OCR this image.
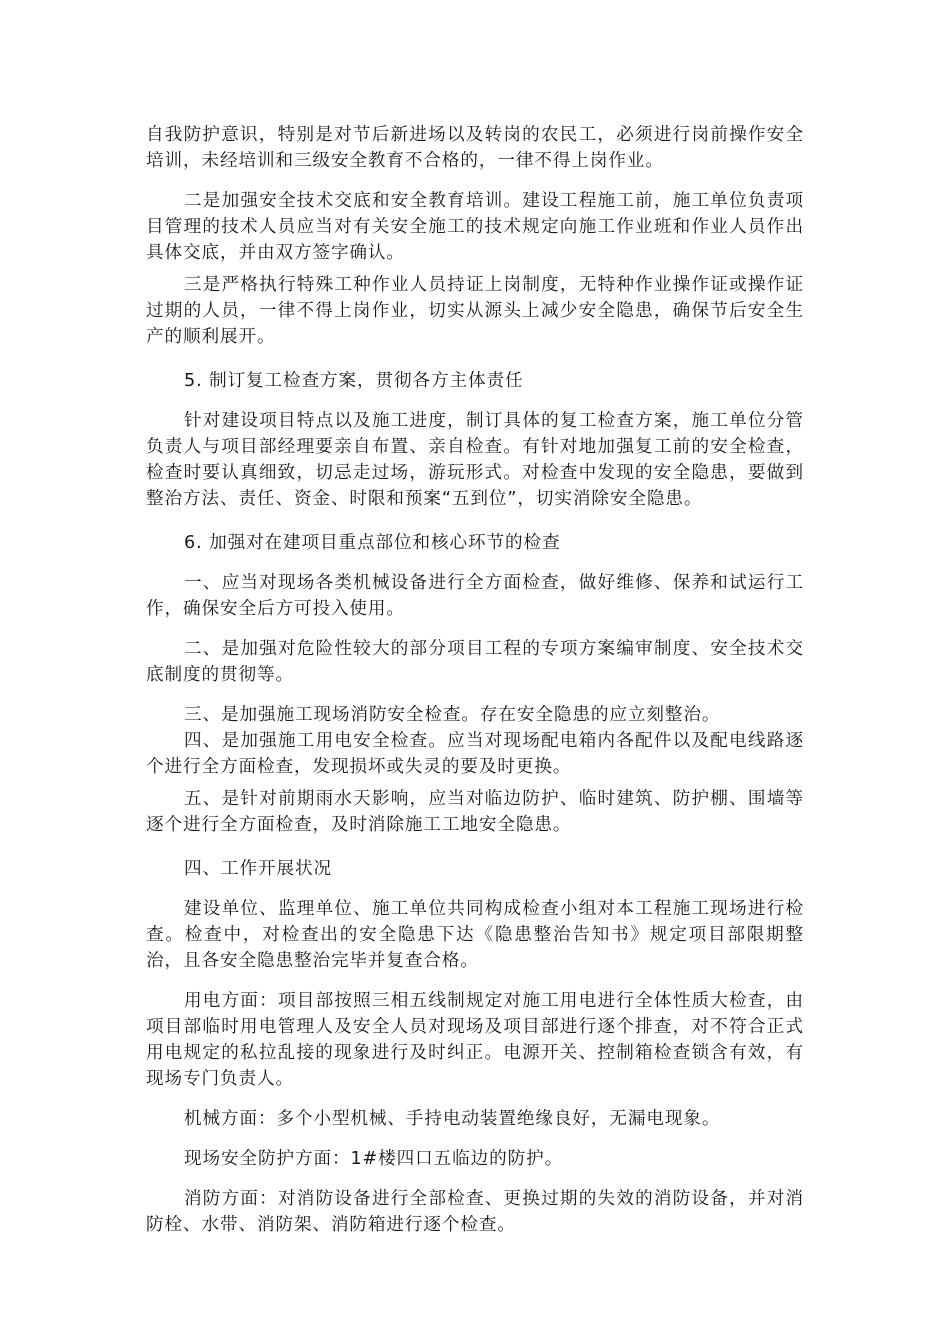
自我防护意识，特别是对节后新进场以及转岗的农民工，必须进行岗前操作安全培训，未经培训和三级安全教育不合格的，一律不得上岗作业。

二是加强安全技术交底和安全教育培训。建设工程施工前，施工单位负责项目管理的技术人员应当对有关安全施工的技术规定向施工作业班和作业人员作出具体交底，并由双方签字确认。

三是严格执行特殊工种作业人员持证上岗制度，无特种作业操作证或操作证过期的人员，一律不得上岗作业，切实从源头上减少安全隐患，确保节后安全生产的顺利展开。

5. 制订复工检查方案，贯彻各方主体责任

针对建设项目特点以及施工进度，制订具体的复工检查方案，施工单位分管负责人与项目部经理要亲自布置、亲自检查。有针对地加强复工前的安全检查，检查时要认真细致，切忌走过场，游玩形式。对检查中发现的安全隐患，要做到整治方法、责任、资金、时限和预案“五到位”，切实消除安全隐患。

6. 加强对在建项目重点部位和核心环节的检查

一、应当对现场各类机械设备进行全方面检查，做好维修、保养和试运行工作，确保安全后方可投入使用。

二、是加强对危险性较大的部分项目工程的专项方案编审制度、安全技术交底制度的贯彻等。

三、是加强施工现场消防安全检查。存在安全隐患的应立刻整治。

四、是加强施工用电安全检查。应当对现场配电箱内各配件以及配电线路逐个进行全方面检查，发现损坏或失灵的要及时更换。

五、是针对前期雨水天影响，应当对临边防护、临时建筑、防护棚、围墙等逐个进行全方面检查，及时消除施工工地安全隐患。

四、工作开展状况

建设单位、监理单位、施工单位共同构成检查小组对本工程施工现场进行检查。检查中，对检查出的安全隐患下达《隐患整治告知书》规定项目部限期整治，且各安全隐患整治完毕并复查合格。

用电方面：项目部按照三相五线制规定对施工用电进行全体性质大检查，由项目部临时用电管理人及安全人员对现场及项目部进行逐个排查，对不符合正式用电规定的私拉乱接的现象进行及时纠正。电源开关、控制箱检查锁含有效，有现场专门负责人。

机械方面：多个小型机械、手持电动装置绝缘良好，无漏电现象。

现场安全防护方面：1#楼四口五临边的防护。

消防方面：对消防设备进行全部检查、更换过期的失效的消防设备，并对消防栓、水带、消防架、消防箱进行逐个检查。
